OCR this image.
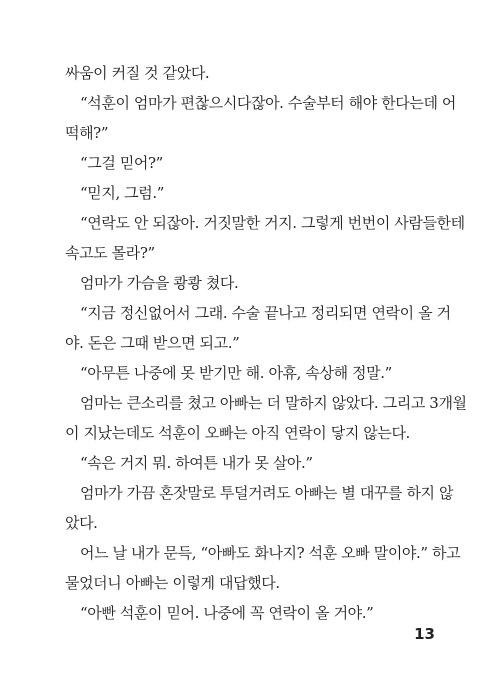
싸움이 커질 것 같았다.
“석훈이 엄마가 편찮으시다잖아. 수술부터 해야 한다는데 어
떡해?”
“그걸 믿어?”
“믿지, 그럼.”
“연락도 안 되잖아. 거짓말한 거지. 그렇게 번번이 사람들한테
속고도 몰라?”
엄마가 가슴을 쾅쾅 쳤다.
“지금 정신없어서 그래. 수술 끝나고 정리되면 연락이 올 거
야. 돈은 그때 받으면 되고.”
“아무튼 나중에 못 받기만 해. 아휴, 속상해 정말.”
엄마는 큰소리를 쳤고 아빠는 더 말하지 않았다. 그리고 3개월
이 지났는데도 석훈이 오빠는 아직 연락이 닿지 않는다.
“속은 거지 뭐. 하여튼 내가 못 살아.”
엄마가 가끔 혼잣말로 투덜거려도 아빠는 별 대꾸를 하지 않
았다.
어느 날 내가 문득, “아빠도 화나지? 석훈 오빠 말이야.” 하고
물었더니 아빠는 이렇게 대답했다.
“아빤 석훈이 믿어. 나중에 꼭 연락이 올 거야.”
13
